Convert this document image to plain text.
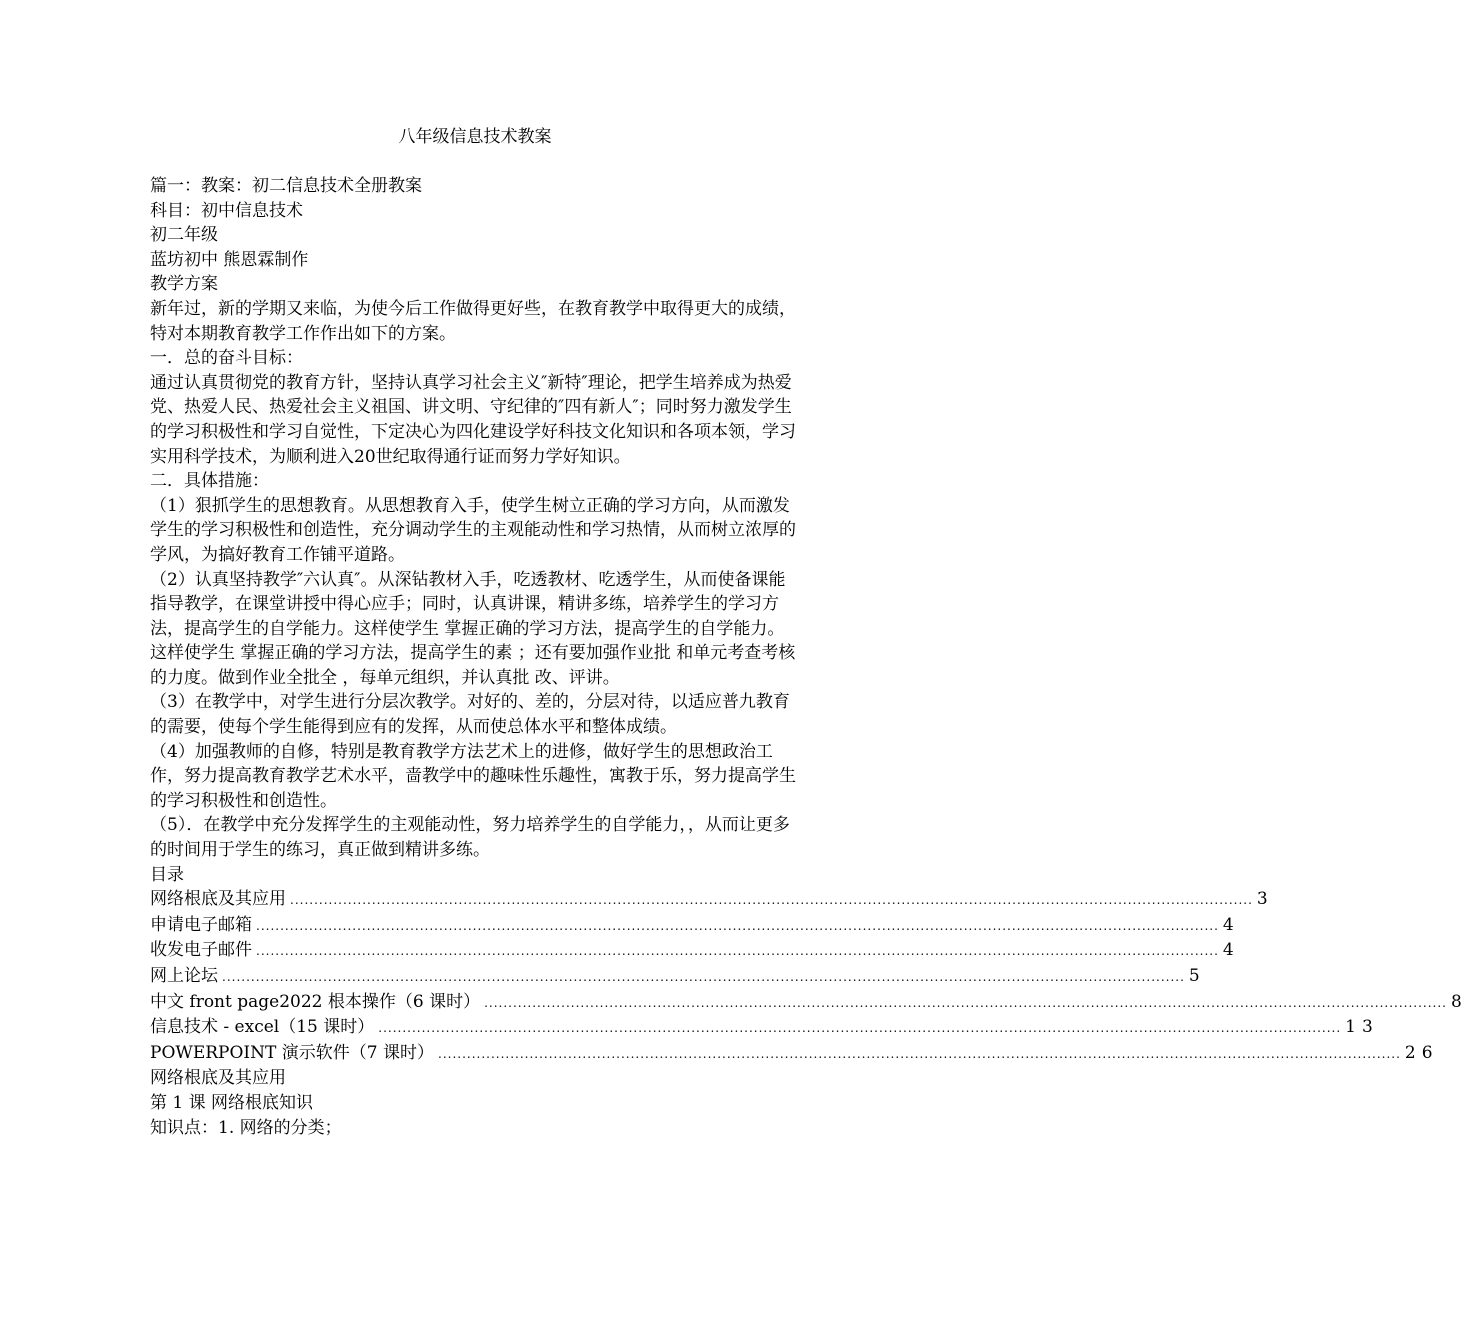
八年级信息技术教案

篇一：教案：初二信息技术全册教案

科目：初中信息技术

初二年级

蓝坊初中 熊恩霖制作

教学方案

新年过，新的学期又来临，为使今后工作做得更好些，在教育教学中取得更大的成绩，特对本期教育教学工作作出如下的方案。

一．总的奋斗目标：

通过认真贯彻党的教育方针，坚持认真学习社会主义″新特″理论，把学生培养成为热爱党、热爱人民、热爱社会主义祖国、讲文明、守纪律的″四有新人″；同时努力激发学生的学习积极性和学习自觉性，下定决心为四化建设学好科技文化知识和各项本领，学习实用科学技术，为顺利进入20世纪取得通行证而努力学好知识。

二．具体措施：

（1）狠抓学生的思想教育。从思想教育入手，使学生树立正确的学习方向，从而激发学生的学习积极性和创造性，充分调动学生的主观能动性和学习热情，从而树立浓厚的学风，为搞好教育工作铺平道路。

（2）认真坚持教学″六认真″。从深钻教材入手，吃透教材、吃透学生，从而使备课能指导教学，在课堂讲授中得心应手；同时，认真讲课，精讲多练，培养学生的学习方法，提高学生的自学能力。这样使学生 掌握正确的学习方法，提高学生的自学能力。这样使学生 掌握正确的学习方法，提高学生的素 ；还有要加强作业批 和单元考查考核的力度。做到作业全批全 ，每单元组织，并认真批 改、评讲。

（3）在教学中，对学生进行分层次教学。对好的、差的，分层对待，以适应普九教育的需要，使每个学生能得到应有的发挥，从而使总体水平和整体成绩。

（4）加强教师的自修，特别是教育教学方法艺术上的进修，做好学生的思想政治工作，努力提高教育教学艺术水平，啬教学中的趣味性乐趣性，寓教于乐，努力提高学生的学习积极性和创造性。

（5）．在教学中充分发挥学生的主观能动性，努力培养学生的自学能力，，从而让更多的时间用于学生的练习，真正做到精讲多练。

目录

网络根底及其应用 ........................................................................................................................................................................................................ 3
申请电子邮箱 ........................................................................................................................................................................................................ 4
收发电子邮件 ........................................................................................................................................................................................................ 4
网上论坛 ........................................................................................................................................................................................................ 5
中文 front page2022 根本操作（6 课时） ........................................................................................................................................................................................................ 8
信息技术 - excel（15 课时） ........................................................................................................................................................................................................ 13
POWERPOINT 演示软件（7 课时） ........................................................................................................................................................................................................ 26

网络根底及其应用

第 1 课 网络根底知识

知识点：1. 网络的分类；
